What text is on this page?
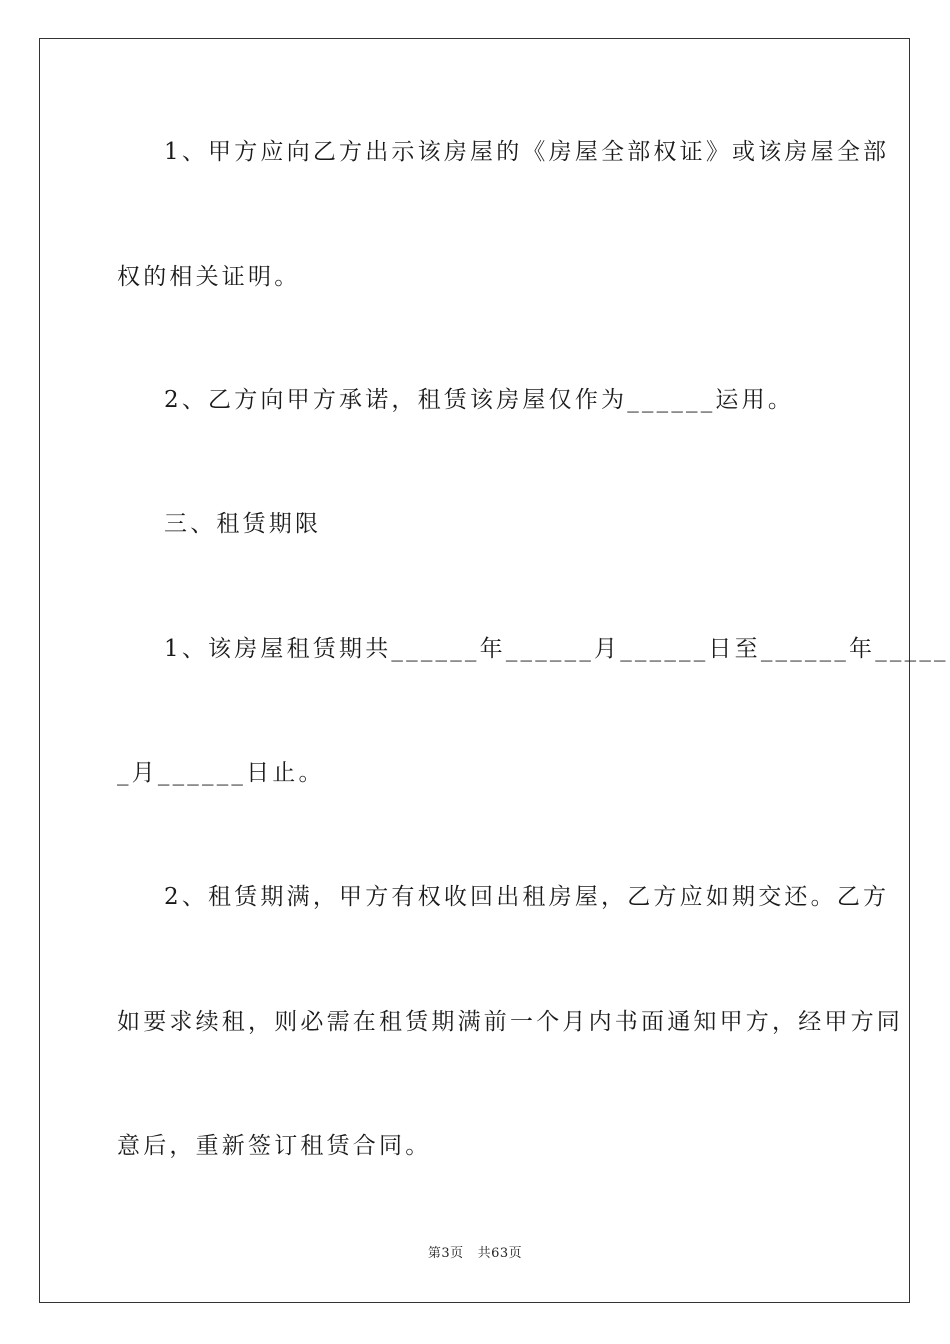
1、甲方应向乙方出示该房屋的《房屋全部权证》或该房屋全部
权的相关证明。
2、乙方向甲方承诺，租赁该房屋仅作为______运用。
三、租赁期限
1、该房屋租赁期共______年______月______日至______年_____
_月______日止。
2、租赁期满，甲方有权收回出租房屋，乙方应如期交还。乙方
如要求续租，则必需在租赁期满前一个月内书面通知甲方，经甲方同
意后，重新签订租赁合同。
第3页 共63页
